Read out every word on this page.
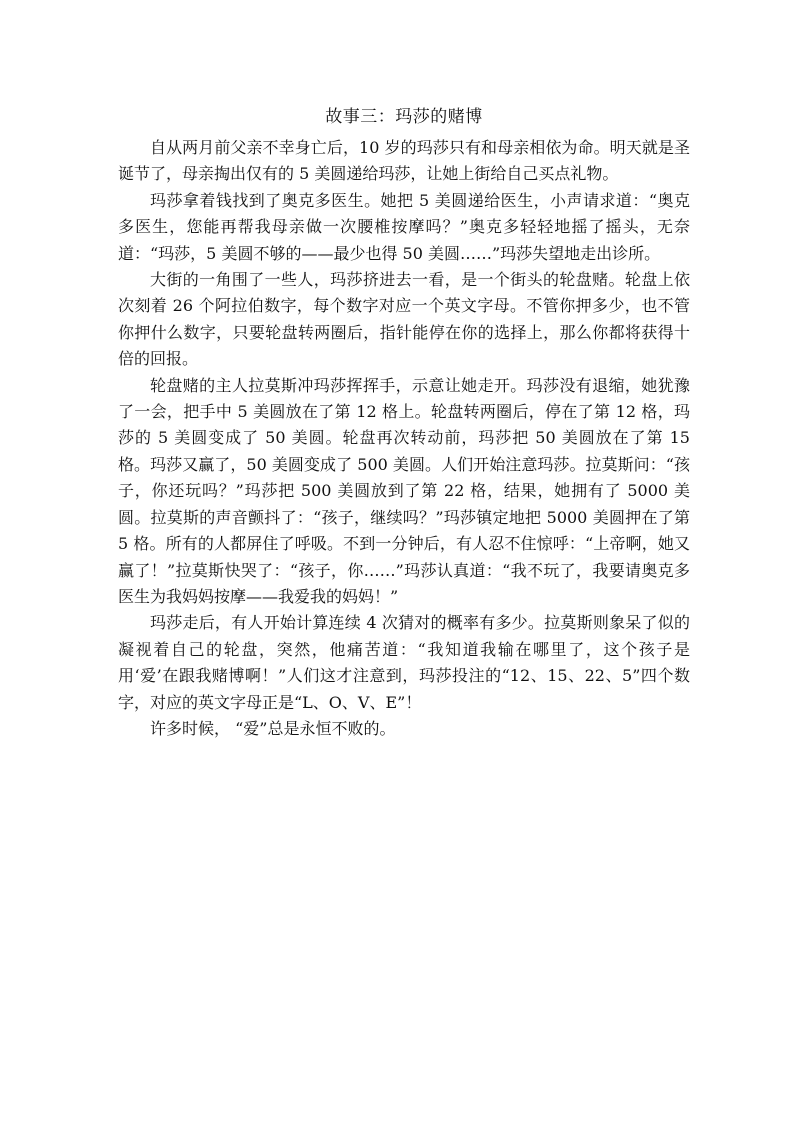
故事三：玛莎的赌博

自从两月前父亲不幸身亡后，10 岁的玛莎只有和母亲相依为命。明天就是圣诞节了，母亲掏出仅有的 5 美圆递给玛莎，让她上街给自己买点礼物。

玛莎拿着钱找到了奥克多医生。她把 5 美圆递给医生，小声请求道：“奥克多医生，您能再帮我母亲做一次腰椎按摩吗？”奥克多轻轻地摇了摇头，无奈道：“玛莎，5 美圆不够的——最少也得 50 美圆……”玛莎失望地走出诊所。

大街的一角围了一些人，玛莎挤进去一看，是一个街头的轮盘赌。轮盘上依次刻着 26 个阿拉伯数字，每个数字对应一个英文字母。不管你押多少，也不管你押什么数字，只要轮盘转两圈后，指针能停在你的选择上，那么你都将获得十倍的回报。

轮盘赌的主人拉莫斯冲玛莎挥挥手，示意让她走开。玛莎没有退缩，她犹豫了一会，把手中 5 美圆放在了第 12 格上。轮盘转两圈后，停在了第 12 格，玛莎的 5 美圆变成了 50 美圆。轮盘再次转动前，玛莎把 50 美圆放在了第 15 格。玛莎又赢了，50 美圆变成了 500 美圆。人们开始注意玛莎。拉莫斯问：“孩子，你还玩吗？”玛莎把 500 美圆放到了第 22 格，结果，她拥有了 5000 美圆。拉莫斯的声音颤抖了：“孩子，继续吗？”玛莎镇定地把 5000 美圆押在了第 5 格。所有的人都屏住了呼吸。不到一分钟后，有人忍不住惊呼：“上帝啊，她又赢了！”拉莫斯快哭了：“孩子，你……”玛莎认真道：“我不玩了，我要请奥克多医生为我妈妈按摩——我爱我的妈妈！”

玛莎走后，有人开始计算连续 4 次猜对的概率有多少。拉莫斯则象呆了似的凝视着自己的轮盘，突然，他痛苦道：“我知道我输在哪里了，这个孩子是用‘爱’在跟我赌博啊！”人们这才注意到，玛莎投注的“12、15、22、5”四个数字，对应的英文字母正是“L、O、V、E”！

许多时候， “爱”总是永恒不败的。
